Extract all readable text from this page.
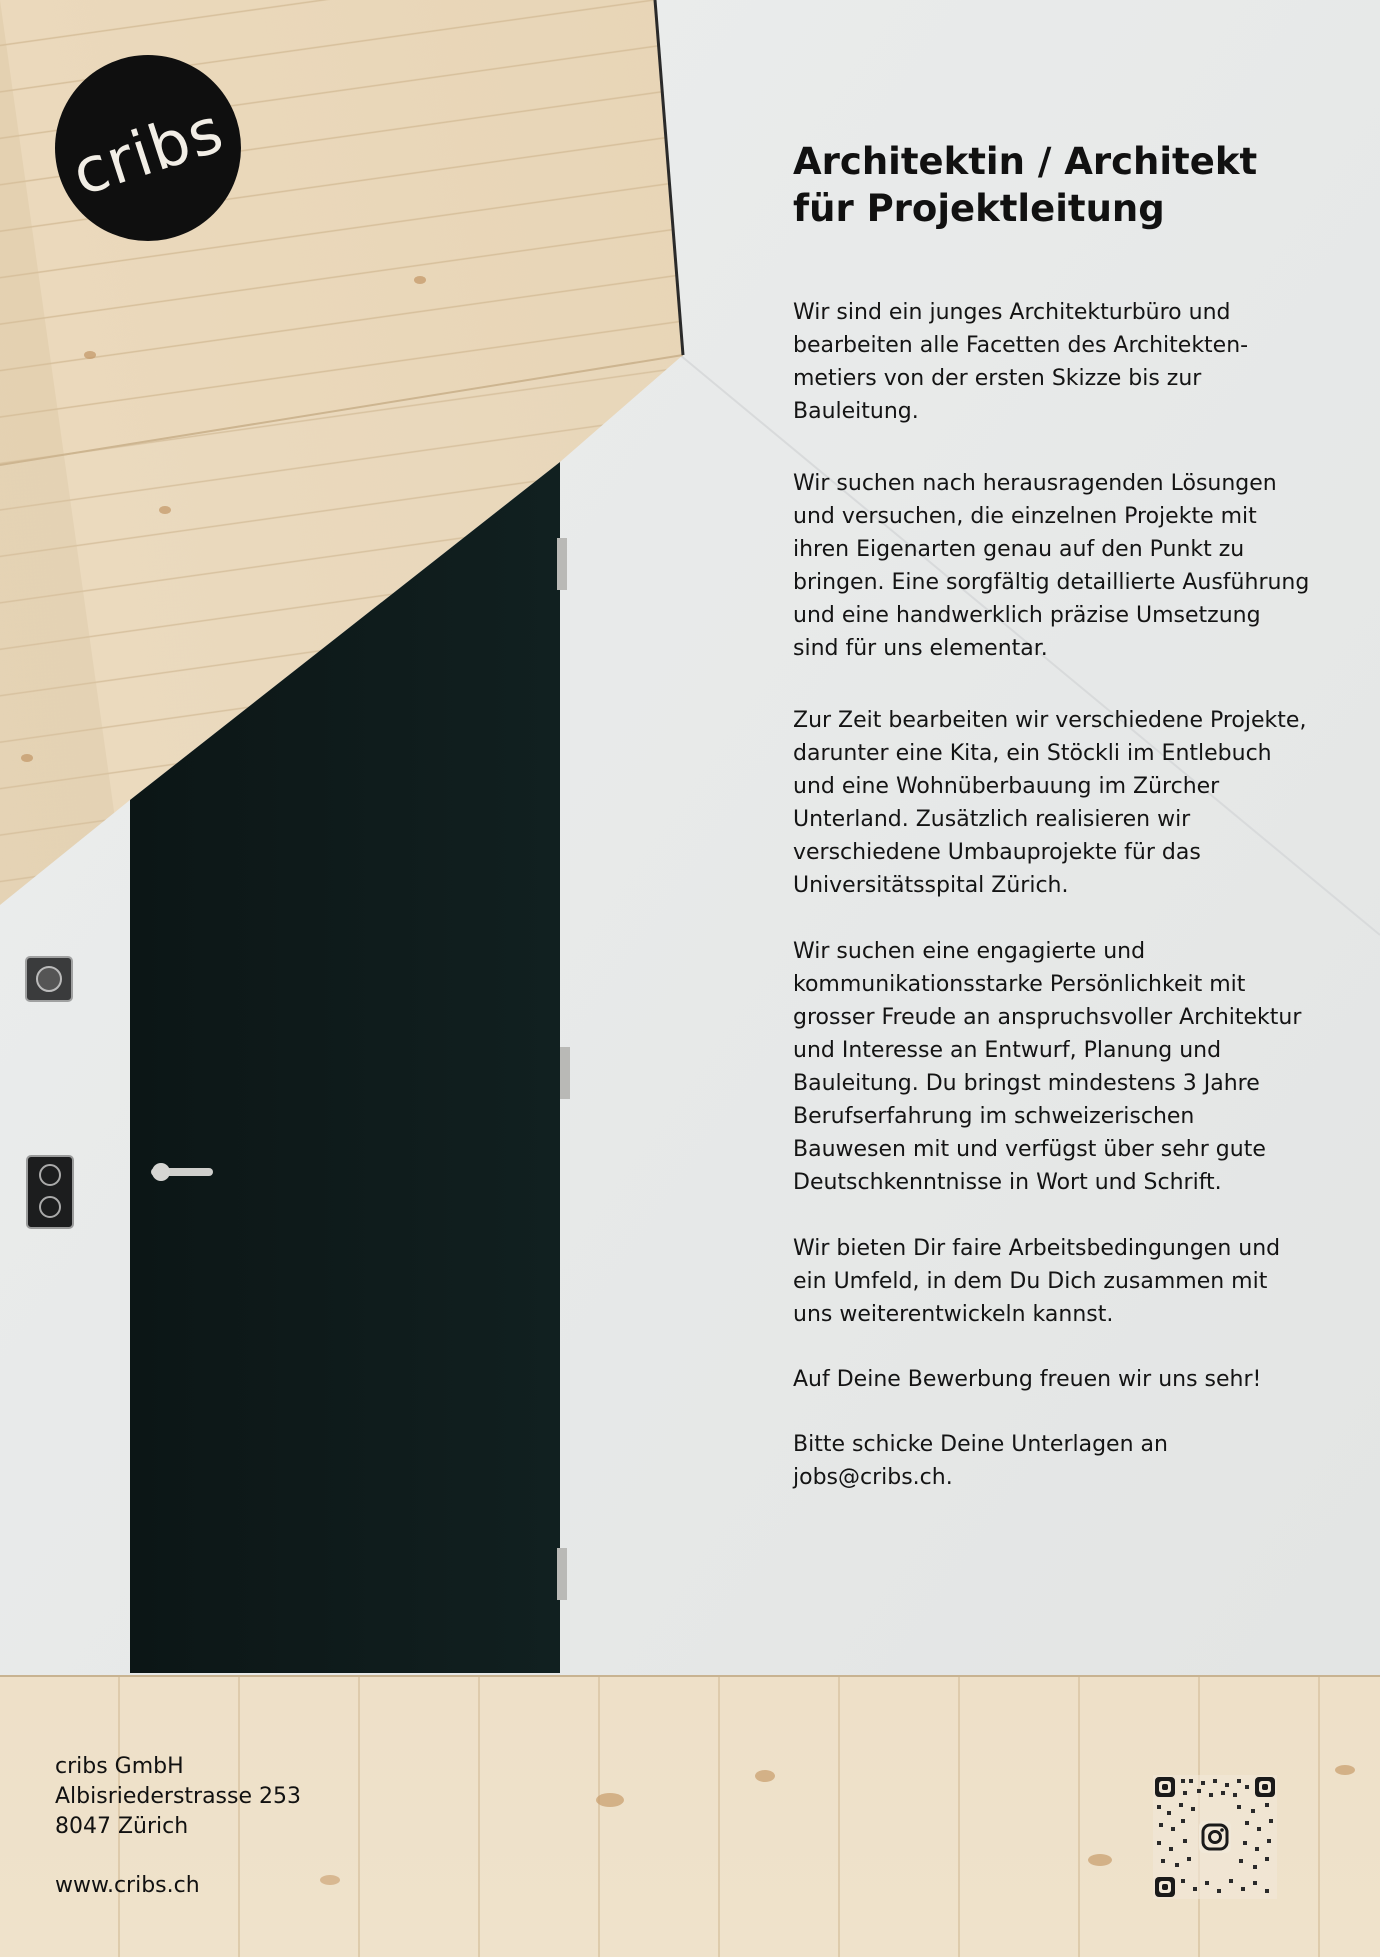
cribs	Architektin / Architekt
für Projektleitung

Wir sind ein junges Architekturbüro und bearbeiten alle Facetten des Architekten-metiers von der ersten Skizze bis zur Bauleitung.

Wir suchen nach herausragenden Lösungen und versuchen, die einzelnen Projekte mit ihren Eigenarten genau auf den Punkt zu bringen. Eine sorgfältig detaillierte Ausführung und eine handwerklich präzise Umsetzung sind für uns elementar.

Zur Zeit bearbeiten wir verschiedene Projekte, darunter eine Kita, ein Stöckli im Entlebuch und eine Wohnüberbauung im Zürcher Unterland. Zusätzlich realisieren wir verschiedene Umbauprojekte für das Universitätsspital Zürich.

Wir suchen eine engagierte und kommunikationsstarke Persönlichkeit mit grosser Freude an anspruchsvoller Architektur und Interesse an Entwurf, Planung und Bauleitung. Du bringst mindestens 3 Jahre Berufserfahrung im schweizerischen Bauwesen mit und verfügst über sehr gute Deutschkenntnisse in Wort und Schrift.

Wir bieten Dir faire Arbeitsbedingungen und ein Umfeld, in dem Du Dich zusammen mit uns weiterentwickeln kannst.

Auf Deine Bewerbung freuen wir uns sehr!

Bitte schicke Deine Unterlagen an jobs@cribs.ch.

cribs GmbH
Albisriederstrasse 253
8047 Zürich
www.cribs.ch
